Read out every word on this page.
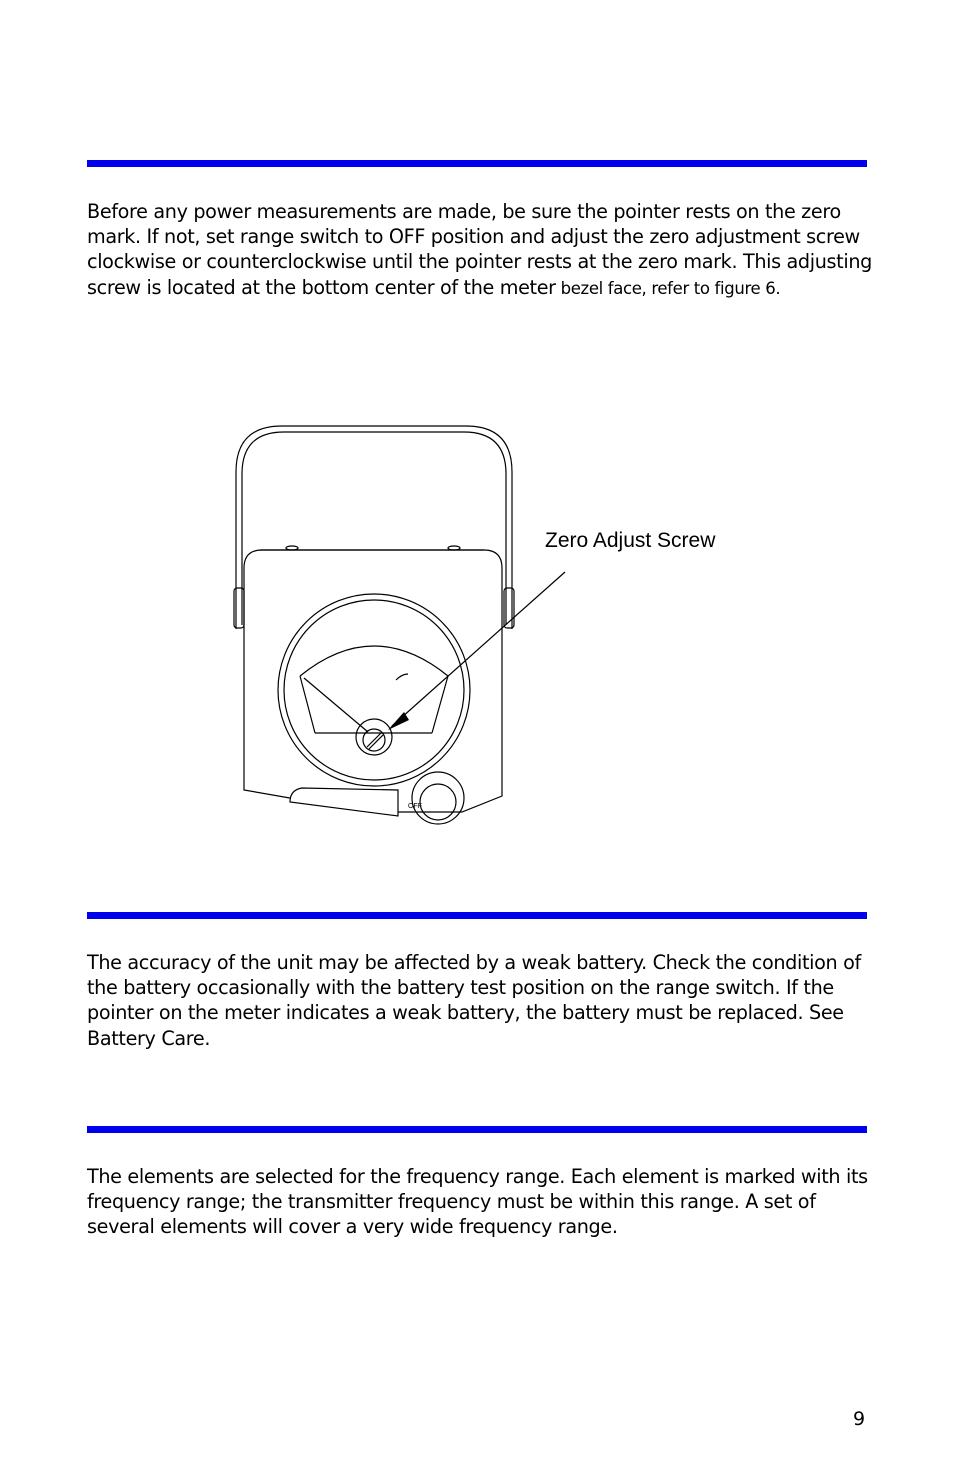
Before any power measurements are made, be sure the pointer rests on the zero mark. If not, set range switch to OFF position and adjust the zero adjustment screw clockwise or counterclockwise until the pointer rests at the zero mark. This adjusting screw is located at the bottom center of the meter bezel face, refer to figure 6.

OFF
Zero Adjust Screw

The accuracy of the unit may be affected by a weak battery. Check the condition of the battery occasionally with the battery test position on the range switch. If the pointer on the meter indicates a weak battery, the battery must be replaced. See Battery Care.

The elements are selected for the frequency range. Each element is marked with its frequency range; the transmitter frequency must be within this range. A set of several elements will cover a very wide frequency range.

9
